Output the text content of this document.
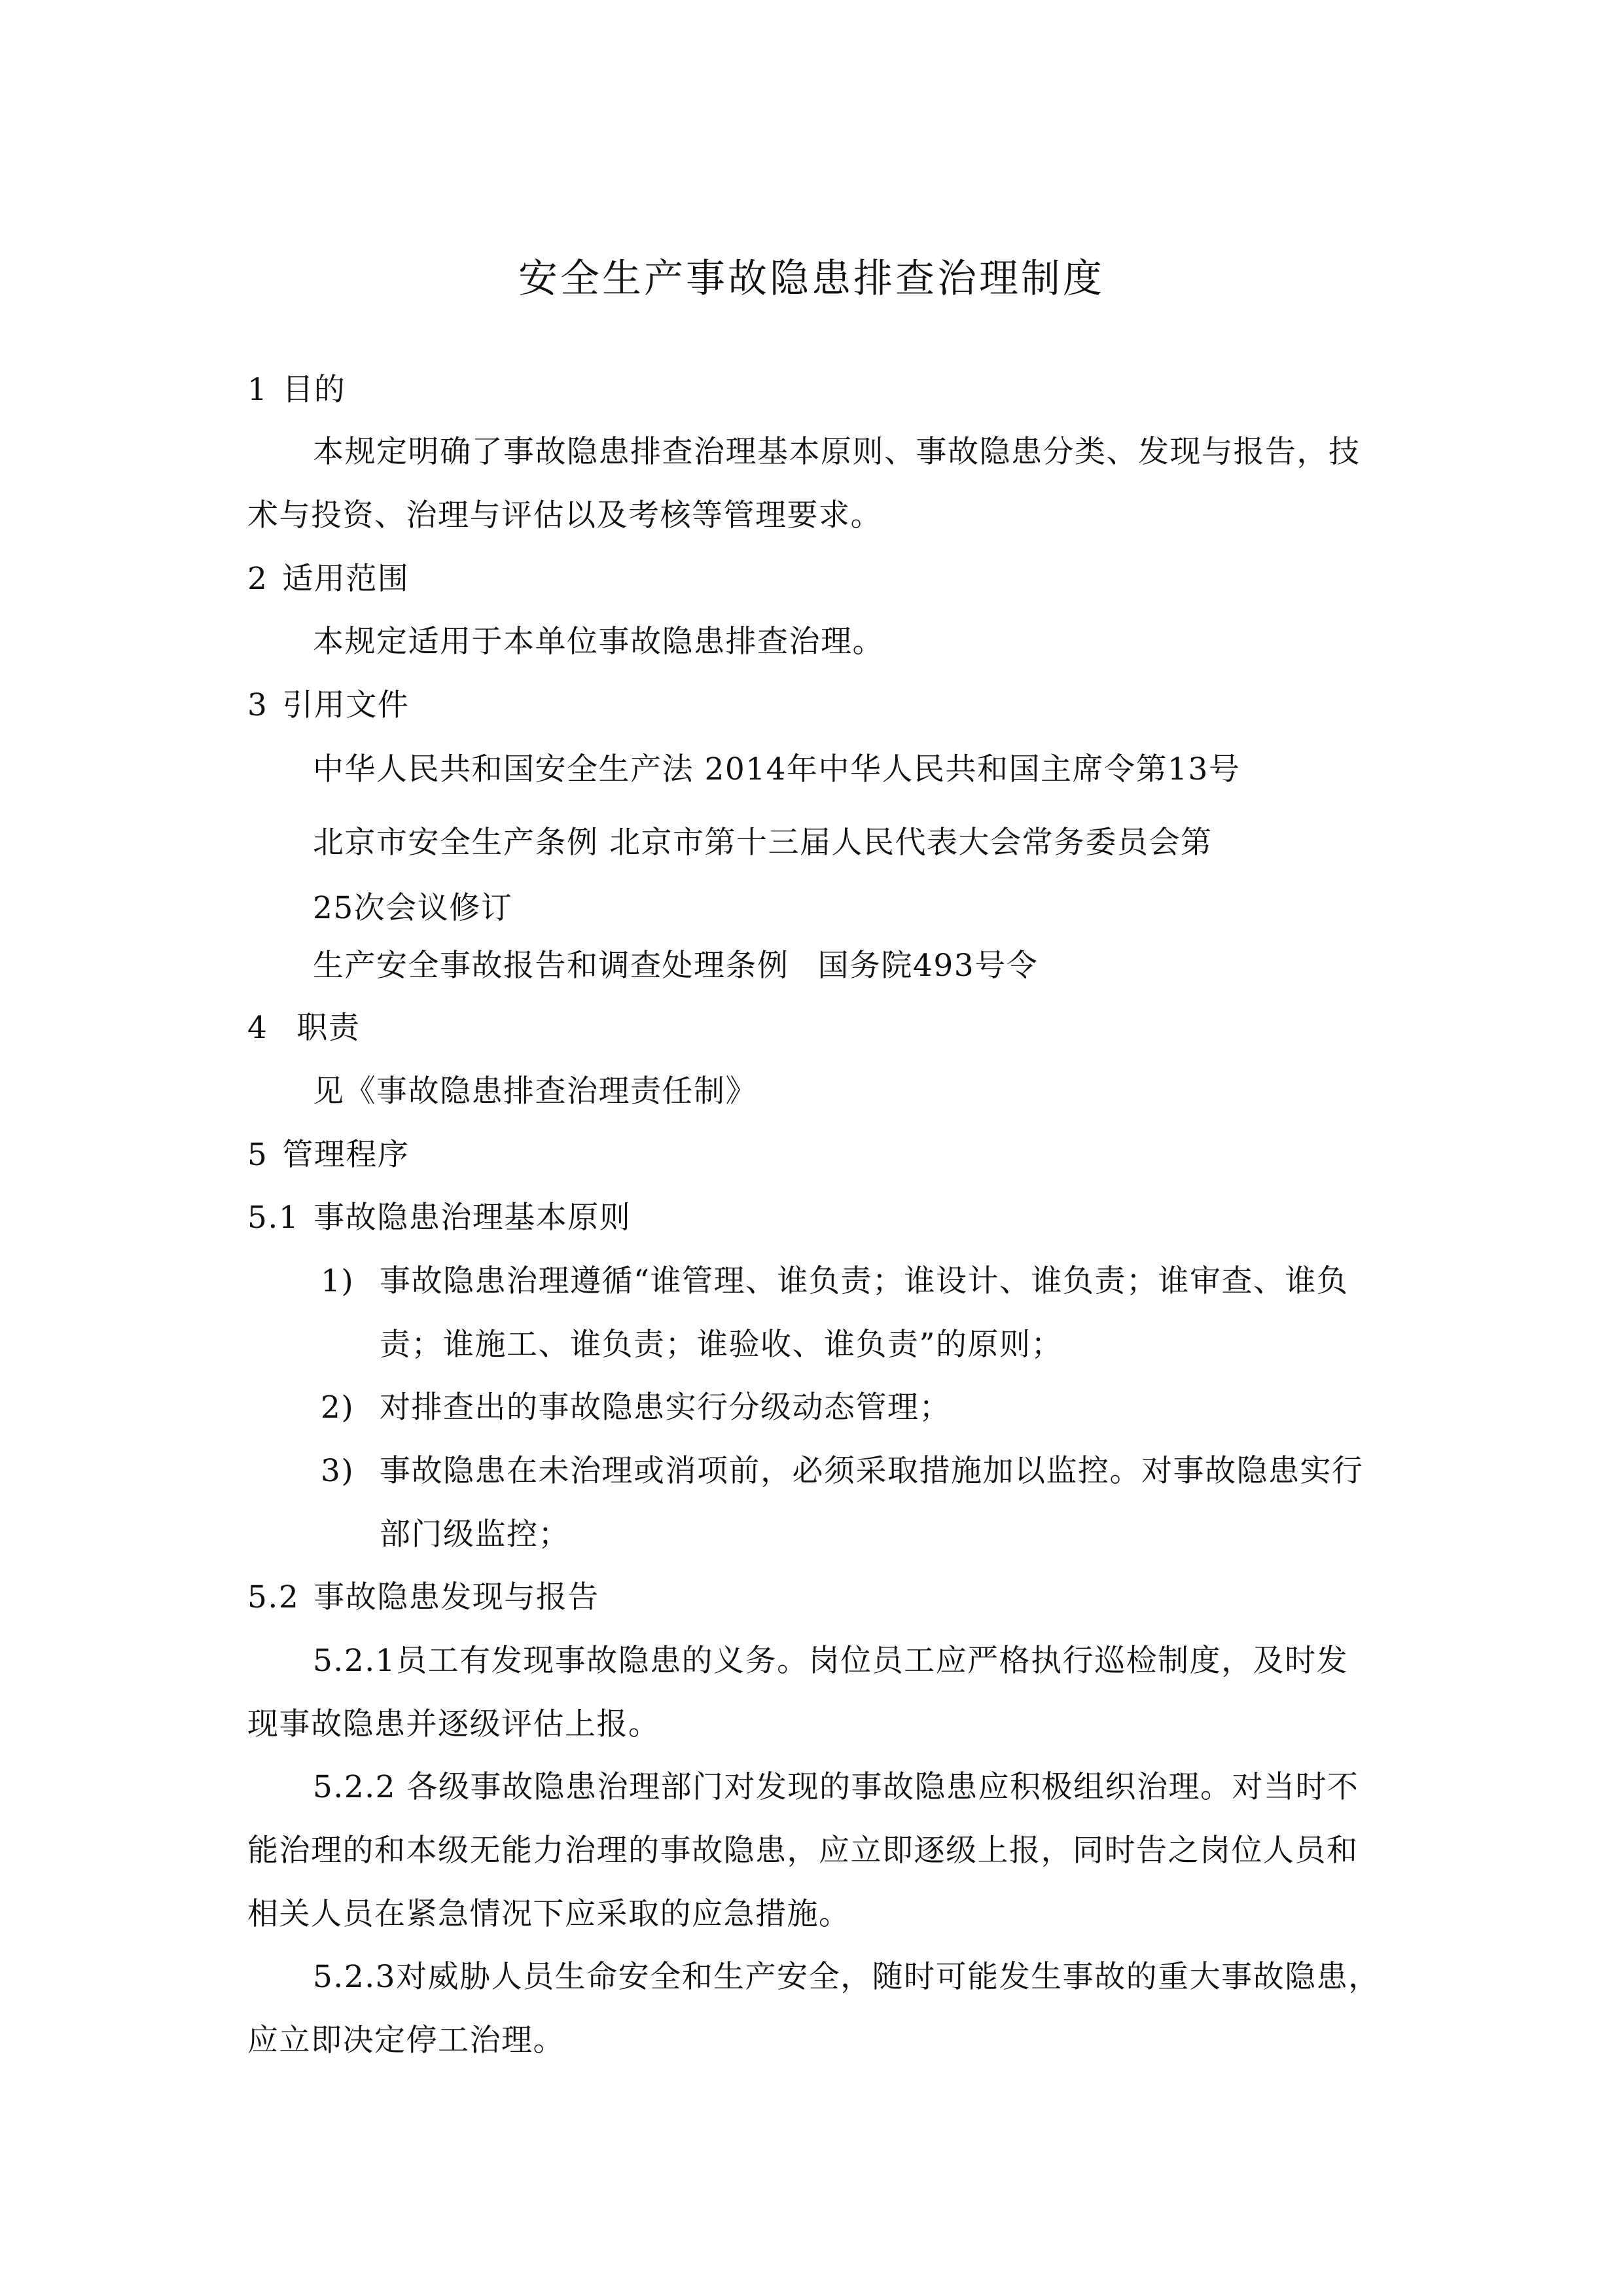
安全生产事故隐患排查治理制度
1 目的
本规定明确了事故隐患排查治理基本原则、事故隐患分类、发现与报告，技
术与投资、治理与评估以及考核等管理要求。
2 适用范围
本规定适用于本单位事故隐患排查治理。
3 引用文件
中华人民共和国安全生产法 2014年中华人民共和国主席令第13号
北京市安全生产条例 北京市第十三届人民代表大会常务委员会第
25次会议修订
生产安全事故报告和调查处理条例 国务院493号令
4 职责
见《事故隐患排查治理责任制》
5 管理程序
5.1 事故隐患治理基本原则
1) 事故隐患治理遵循“谁管理、谁负责；谁设计、谁负责；谁审查、谁负
责；谁施工、谁负责；谁验收、谁负责”的原则；
2) 对排查出的事故隐患实行分级动态管理；
3) 事故隐患在未治理或消项前，必须采取措施加以监控。对事故隐患实行
部门级监控；
5.2 事故隐患发现与报告
5.2.1员工有发现事故隐患的义务。岗位员工应严格执行巡检制度，及时发
现事故隐患并逐级评估上报。
5.2.2 各级事故隐患治理部门对发现的事故隐患应积极组织治理。对当时不
能治理的和本级无能力治理的事故隐患，应立即逐级上报，同时告之岗位人员和
相关人员在紧急情况下应采取的应急措施。
5.2.3对威胁人员生命安全和生产安全，随时可能发生事故的重大事故隐患，
应立即决定停工治理。
